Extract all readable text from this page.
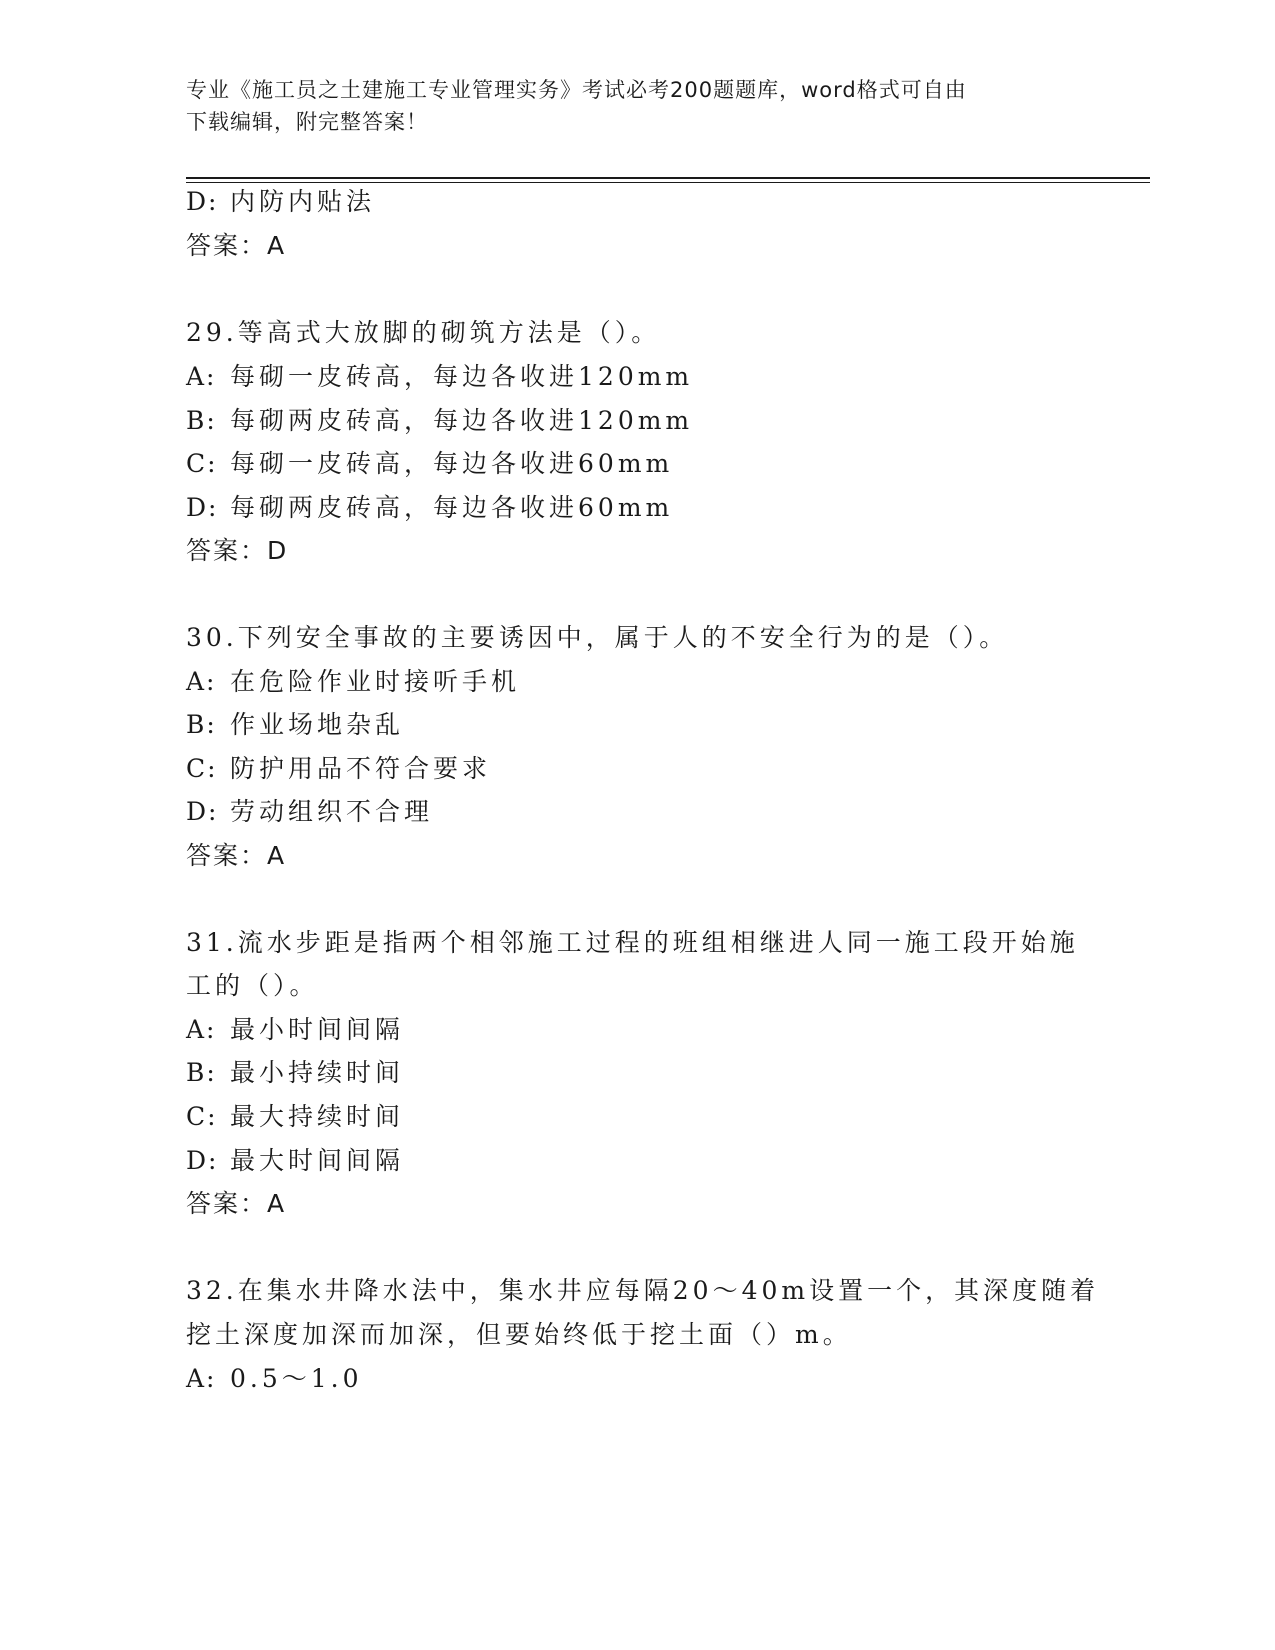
专业《施工员之土建施工专业管理实务》考试必考200题题库，word格式可自由
下载编辑，附完整答案！
D: 内防内贴法
答案：A
29.等高式大放脚的砌筑方法是（）。
A: 每砌一皮砖高，每边各收进120mm
B: 每砌两皮砖高，每边各收进120mm
C: 每砌一皮砖高，每边各收进60mm
D: 每砌两皮砖高，每边各收进60mm
答案：D
30.下列安全事故的主要诱因中，属于人的不安全行为的是（）。
A: 在危险作业时接听手机
B: 作业场地杂乱
C: 防护用品不符合要求
D: 劳动组织不合理
答案：A
31.流水步距是指两个相邻施工过程的班组相继进人同一施工段开始施
工的（）。
A: 最小时间间隔
B: 最小持续时间
C: 最大持续时间
D: 最大时间间隔
答案：A
32.在集水井降水法中，集水井应每隔20～40m设置一个，其深度随着
挖土深度加深而加深，但要始终低于挖土面（）m。
A: 0.5～1.0
